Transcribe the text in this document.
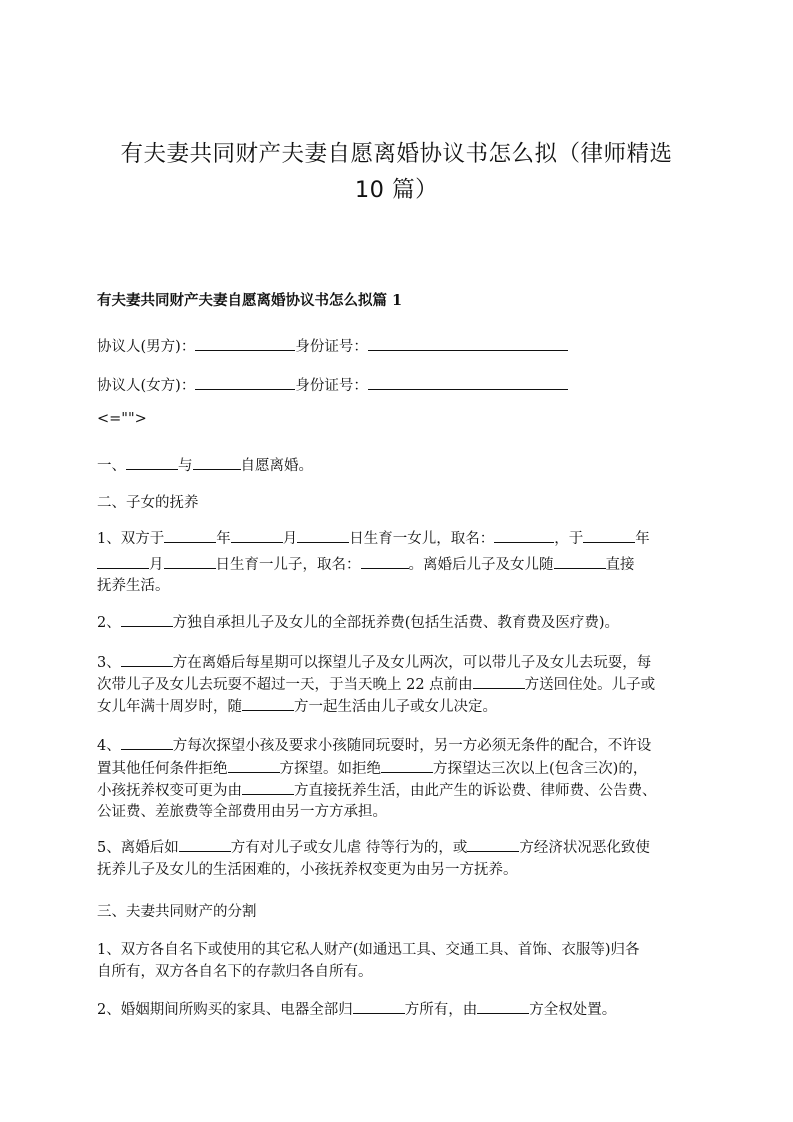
有夫妻共同财产夫妻自愿离婚协议书怎么拟（律师精选
10 篇）
有夫妻共同财产夫妻自愿离婚协议书怎么拟篇 1
协议人(男方)：	身份证号：
协议人(女方)：	身份证号：
<="">
一、	与	自愿离婚。
二、子女的抚养
1、双方于	年	月	日生育一女儿，取名：	，于	年
月	日生育一儿子，取名：	。离婚后儿子及女儿随	直接
抚养生活。
2、	方独自承担儿子及女儿的全部抚养费(包括生活费、教育费及医疗费)。
3、	方在离婚后每星期可以探望儿子及女儿两次，可以带儿子及女儿去玩耍，每
次带儿子及女儿去玩耍不超过一天，于当天晚上 22 点前由	方送回住处。儿子或
女儿年满十周岁时，随	方一起生活由儿子或女儿决定。
4、	方每次探望小孩及要求小孩随同玩耍时，另一方必须无条件的配合，不许设
置其他任何条件拒绝	方探望。如拒绝	方探望达三次以上(包含三次)的，
小孩抚养权变可更为由	方直接抚养生活，由此产生的诉讼费、律师费、公告费、
公证费、差旅费等全部费用由另一方方承担。
5、离婚后如	方有对儿子或女儿虐 待等行为的，或	方经济状况恶化致使
抚养儿子及女儿的生活困难的，小孩抚养权变更为由另一方抚养。
三、夫妻共同财产的分割
1、双方各自名下或使用的其它私人财产(如通迅工具、交通工具、首饰、衣服等)归各
自所有，双方各自名下的存款归各自所有。
2、婚姻期间所购买的家具、电器全部归	方所有，由	方全权处置。
